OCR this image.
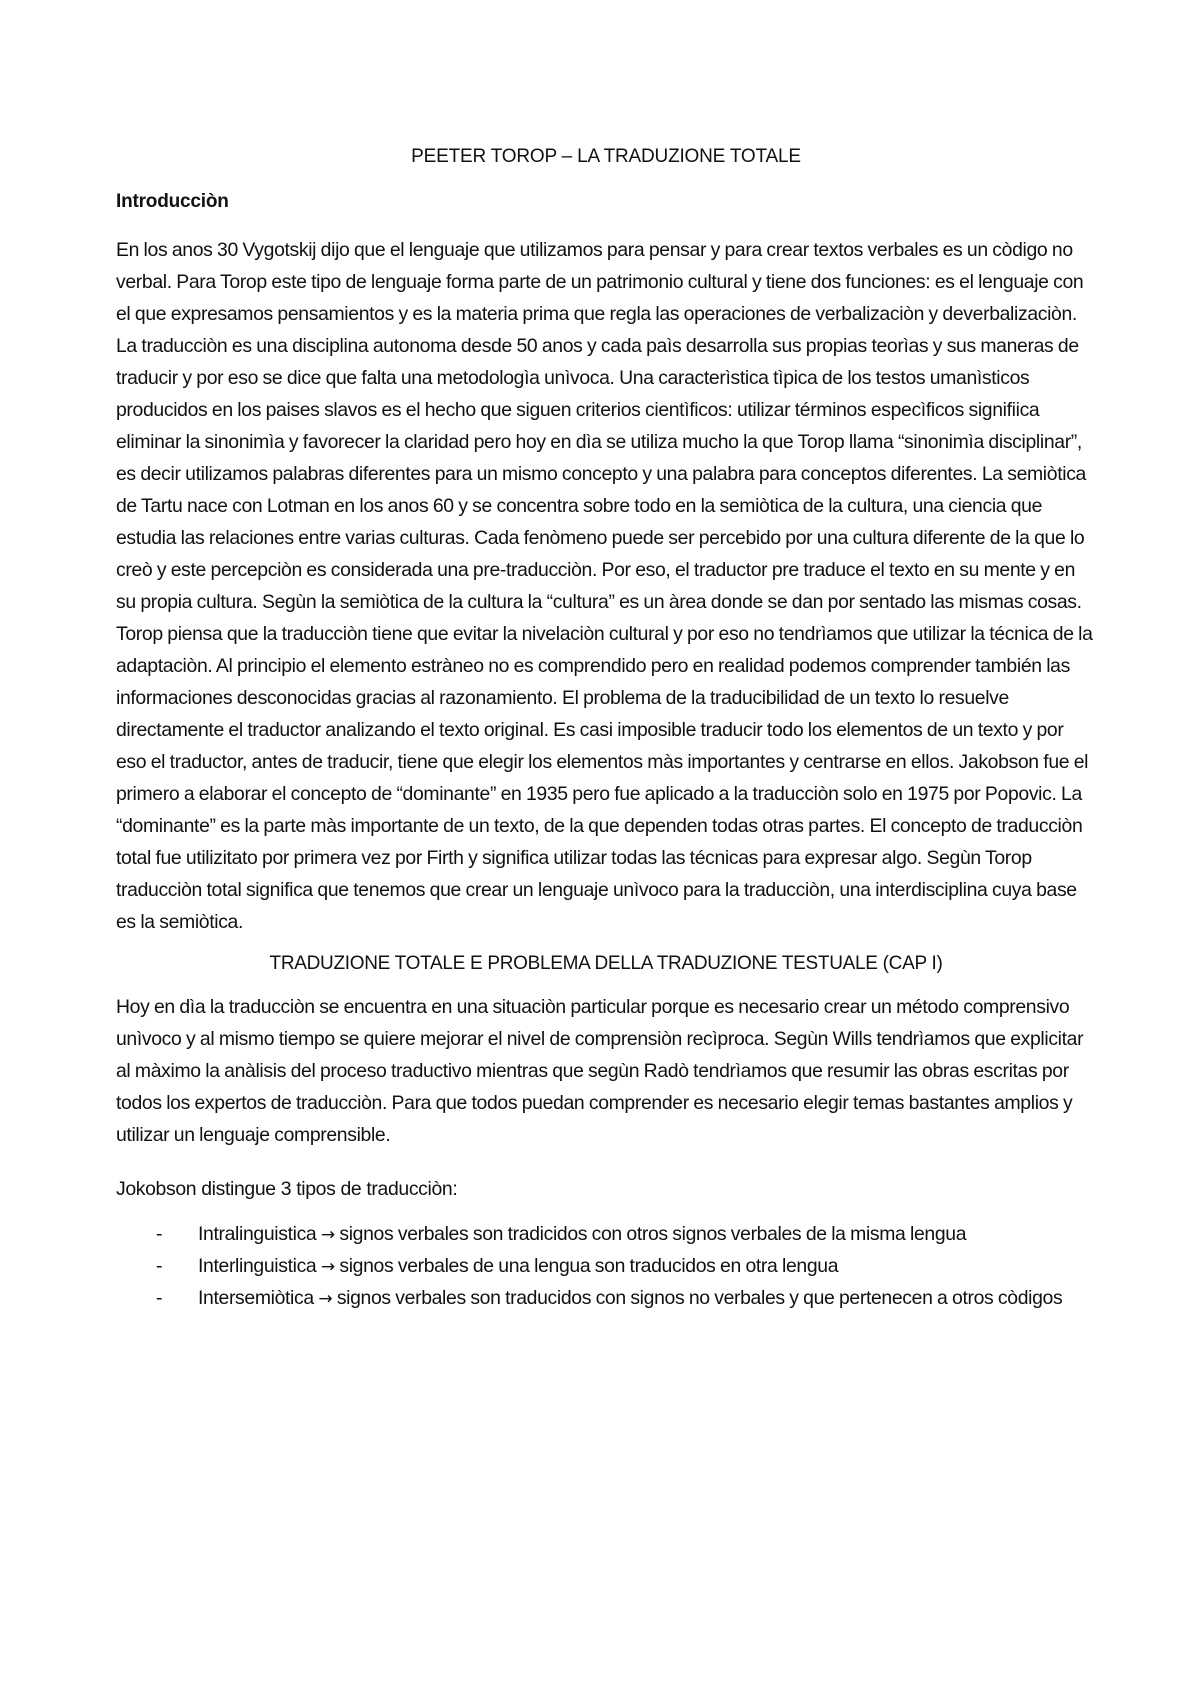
PEETER TOROP – LA TRADUZIONE TOTALE
Introducciòn

En los anos 30 Vygotskij dijo que el lenguaje que utilizamos para pensar y para crear textos verbales es un còdigo no verbal. Para Torop este tipo de lenguaje forma parte de un patrimonio cultural y tiene dos funciones: es el lenguaje con el que expresamos pensamientos y es la materia prima que regla las operaciones de verbalizaciòn y deverbalizaciòn. La traducciòn es una disciplina autonoma desde 50 anos y cada paìs desarrolla sus propias teorìas y sus maneras de traducir y por eso se dice que falta una metodologìa unìvoca. Una caracterìstica tìpica de los testos umanìsticos producidos en los paises slavos es el hecho que siguen criterios cientìficos: utilizar términos especìficos signifiica eliminar la sinonimìa y favorecer la claridad pero hoy en dìa se utiliza mucho la que Torop llama “sinonimìa disciplinar”, es decir utilizamos palabras diferentes para un mismo concepto y una palabra para conceptos diferentes. La semiòtica de Tartu nace con Lotman en los anos 60 y se concentra sobre todo en la semiòtica de la cultura, una ciencia que estudia las relaciones entre varias culturas. Cada fenòmeno puede ser percebido por una cultura diferente de la que lo creò y este percepciòn es considerada una pre-traducciòn. Por eso, el traductor pre traduce el texto en su mente y en su propia cultura. Segùn la semiòtica de la cultura la “cultura” es un àrea donde se dan por sentado las mismas cosas. Torop piensa que la traducciòn tiene que evitar la nivelaciòn cultural y por eso no tendrìamos que utilizar la técnica de la adaptaciòn. Al principio el elemento estràneo no es comprendido pero en realidad podemos comprender también las informaciones desconocidas gracias al razonamiento. El problema de la traducibilidad de un texto lo resuelve directamente el traductor analizando el texto original. Es casi imposible traducir todo los elementos de un texto y por eso el traductor, antes de traducir, tiene que elegir los elementos màs importantes y centrarse en ellos. Jakobson fue el primero a elaborar el concepto de “dominante” en 1935 pero fue aplicado a la traducciòn solo en 1975 por Popovic. La “dominante” es la parte màs importante de un texto, de la que dependen todas otras partes. El concepto de traducciòn total fue utilizitato por primera vez por Firth y significa utilizar todas las técnicas para expresar algo. Segùn Torop traducciòn total significa que tenemos que crear un lenguaje unìvoco para la traducciòn, una interdisciplina cuya base es la semiòtica.

TRADUZIONE TOTALE E PROBLEMA DELLA TRADUZIONE TESTUALE (CAP I)

Hoy en dìa la traducciòn se encuentra en una situaciòn particular porque es necesario crear un método comprensivo unìvoco y al mismo tiempo se quiere mejorar el nivel de comprensiòn recìproca. Segùn Wills tendrìamos que explicitar al màximo la anàlisis del proceso traductivo mientras que segùn Radò tendrìamos que resumir las obras escritas por todos los expertos de traducciòn. Para que todos puedan comprender es necesario elegir temas bastantes amplios y utilizar un lenguaje comprensible.

Jokobson distingue 3 tipos de traducciòn:

-	Intralinguistica → signos verbales son tradicidos con otros signos verbales de la misma lengua
-	Interlinguistica → signos verbales de una lengua son traducidos en otra lengua
-	Intersemiòtica → signos verbales son traducidos con signos no verbales y que pertenecen a otros còdigos
